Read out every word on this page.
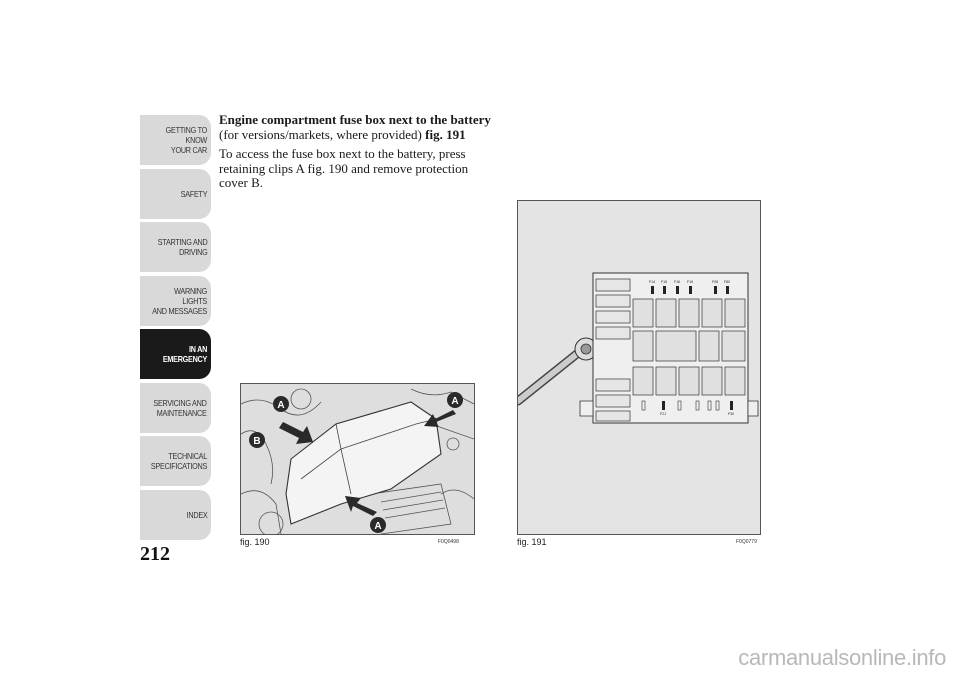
GETTING TO KNOW
YOUR CAR
SAFETY
STARTING AND
DRIVING
WARNING LIGHTS
AND MESSAGES
IN AN
EMERGENCY
SERVICING AND
MAINTENANCE
TECHNICAL
SPECIFICATIONS
INDEX
212

Engine compartment fuse box next to the battery (for versions/markets, where provided) fig. 191

To access the fuse box next to the battery, press retaining clips A fig. 190 and remove protection cover B.

A	A
A
B
fig. 190	F0Q0498
F14 F15 F16 F19	F08 F80
F21	F30
fig. 191	F0Q0779
carmanualsonline.info
